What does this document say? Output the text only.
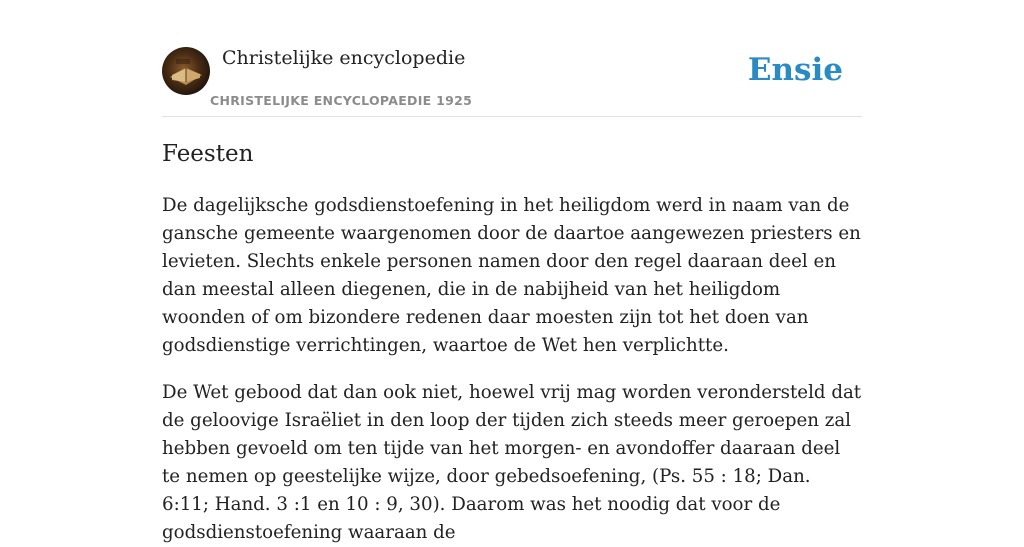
Christelijke encyclopedie
CHRISTELIJKE ENCYCLOPAEDIE 1925
Ensie
Feesten

De dagelijksche godsdienstoefening in het heiligdom werd in naam van de gansche gemeente waargenomen door de daartoe aangewezen priesters en levieten. Slechts enkele personen namen door den regel daaraan deel en dan meestal alleen diegenen, die in de nabijheid van het heiligdom woonden of om bizondere redenen daar moesten zijn tot het doen van godsdienstige verrichtingen, waartoe de Wet hen verplichtte.

De Wet gebood dat dan ook niet, hoewel vrij mag worden verondersteld dat de geloovige Israëliet in den loop der tijden zich steeds meer geroepen zal hebben gevoeld om ten tijde van het morgen- en avondoffer daaraan deel te nemen op geestelijke wijze, door gebedsoefening, (Ps. 55 : 18; Dan. 6:11; Hand. 3 :1 en 10 : 9, 30). Daarom was het noodig dat voor de godsdienstoefening waaraan de
